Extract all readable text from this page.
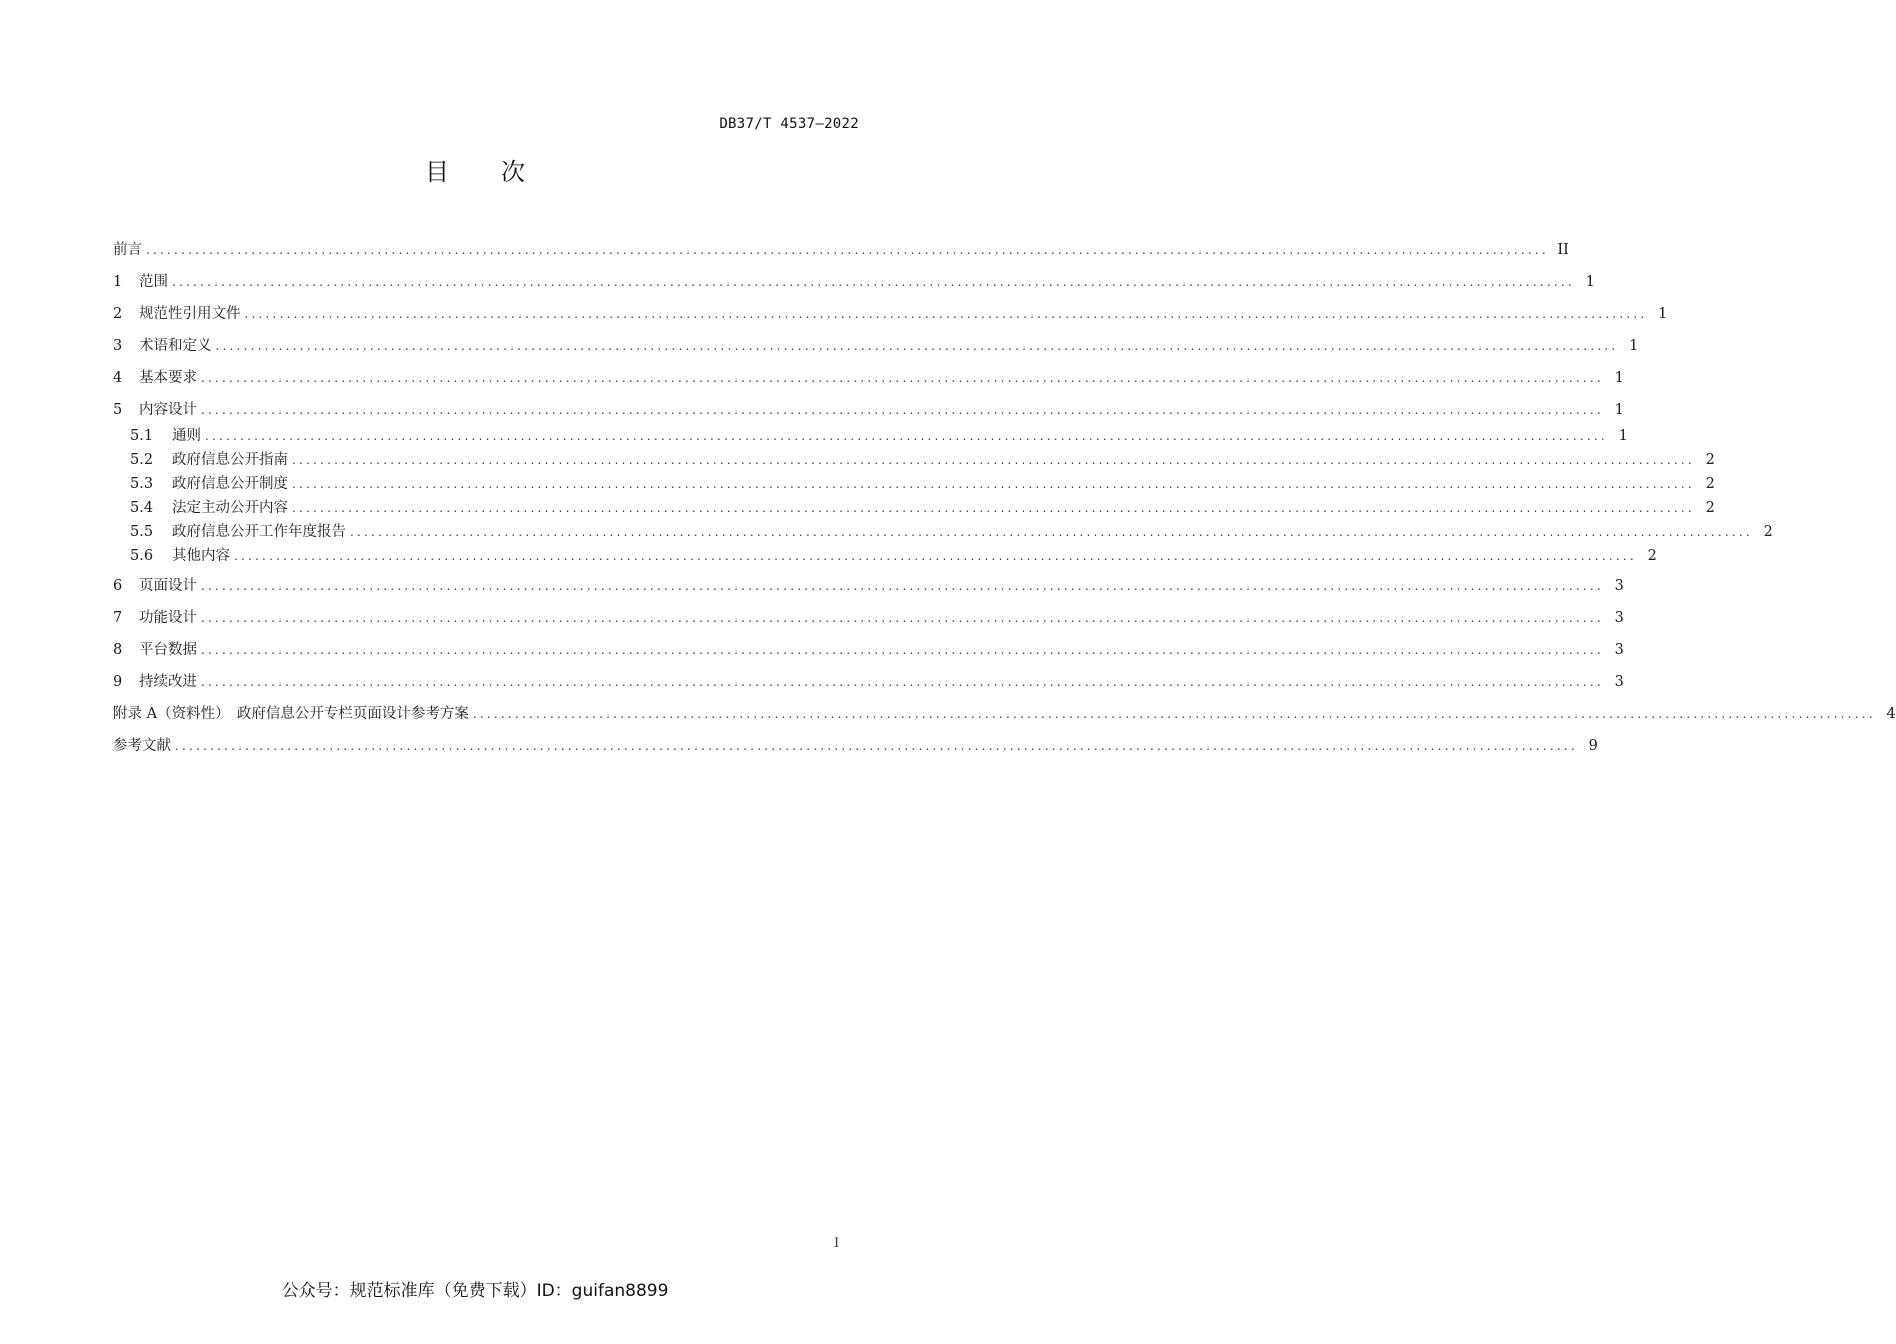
DB37/T 4537—2022
目次
前言 ........................................................................................................................................................................................................ II
1	范围 ........................................................................................................................................................................................................ 1
2	规范性引用文件 ........................................................................................................................................................................................................ 1
3	术语和定义 ........................................................................................................................................................................................................ 1
4	基本要求 ........................................................................................................................................................................................................ 1
5	内容设计 ........................................................................................................................................................................................................ 1
5.1	通则 ........................................................................................................................................................................................................ 1
5.2	政府信息公开指南 ........................................................................................................................................................................................................ 2
5.3	政府信息公开制度 ........................................................................................................................................................................................................ 2
5.4	法定主动公开内容 ........................................................................................................................................................................................................ 2
5.5	政府信息公开工作年度报告 ........................................................................................................................................................................................................ 2
5.6	其他内容 ........................................................................................................................................................................................................ 2
6	页面设计 ........................................................................................................................................................................................................ 3
7	功能设计 ........................................................................................................................................................................................................ 3
8	平台数据 ........................................................................................................................................................................................................ 3
9	持续改进 ........................................................................................................................................................................................................ 3
附录 A（资料性）　政府信息公开专栏页面设计参考方案 ........................................................................................................................................................................................................ 4
参考文献 ........................................................................................................................................................................................................ 9
I
公众号：规范标准库（免费下载）ID：guifan8899
